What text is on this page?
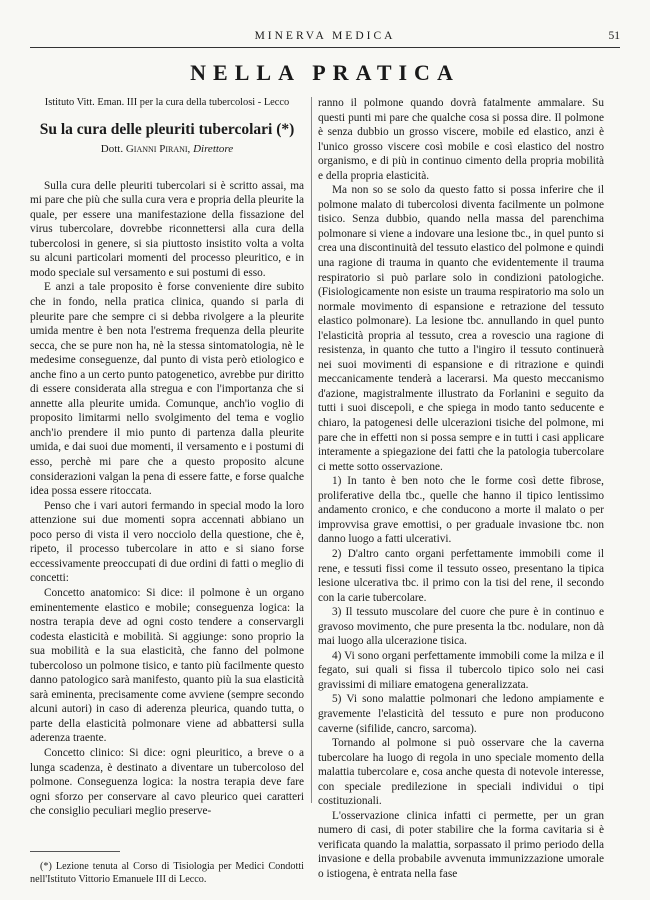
MINERVA MEDICA	51
NELLA PRATICA
Istituto Vitt. Eman. III per la cura della tubercolosi - Lecco
Su la cura delle pleuriti tubercolari (*)
Dott. Gianni Pirani, Direttore

Sulla cura delle pleuriti tubercolari si è scritto assai, ma mi pare che più che sulla cura vera e propria della pleurite la quale, per essere una manifestazione della fissazione del virus tubercolare, dovrebbe riconnettersi alla cura della tubercolosi in genere, si sia piuttosto insistito volta a volta su alcuni particolari momenti del processo pleuritico, e in modo speciale sul versamento e sui postumi di esso.

E anzi a tale proposito è forse conveniente dire subito che in fondo, nella pratica clinica, quando si parla di pleurite pare che sempre ci si debba rivolgere a la pleurite umida mentre è ben nota l'estrema frequenza della pleurite secca, che se pure non ha, nè la stessa sintomatologia, nè le medesime conseguenze, dal punto di vista però etiologico e anche fino a un certo punto patogenetico, avrebbe pur diritto di essere considerata alla stregua e con l'importanza che si annette alla pleurite umida. Comunque, anch'io voglio di proposito limitarmi nello svolgimento del tema e voglio anch'io prendere il mio punto di partenza dalla pleurite umida, e dai suoi due momenti, il versamento e i postumi di esso, perchè mi pare che a questo proposito alcune considerazioni valgan la pena di essere fatte, e forse qualche idea possa essere ritoccata.

Penso che i vari autori fermando in special modo la loro attenzione sui due momenti sopra accennati abbiano un poco perso di vista il vero nocciolo della questione, che è, ripeto, il processo tubercolare in atto e si siano forse eccessivamente preoccupati di due ordini di fatti o meglio di concetti:

Concetto anatomico: Si dice: il polmone è un organo eminentemente elastico e mobile; conseguenza logica: la nostra terapia deve ad ogni costo tendere a conservargli codesta elasticità e mobilità. Si aggiunge: sono proprio la sua mobilità e la sua elasticità, che fanno del polmone tubercoloso un polmone tisico, e tanto più facilmente questo danno patologico sarà manifesto, quanto più la sua elasticità sarà eminenta, precisamente come avviene (sempre secondo alcuni autori) in caso di aderenza pleurica, quando tutta, o parte della elasticità polmonare viene ad abbattersi sulla aderenza traente.

Concetto clinico: Si dice: ogni pleuritico, a breve o a lunga scadenza, è destinato a diventare un tubercoloso del polmone. Conseguenza logica: la nostra terapia deve fare ogni sforzo per conservare al cavo pleurico quei caratteri che consiglio peculiari meglio preserve-

(*) Lezione tenuta al Corso di Tisiologia per Medici Condotti nell'Istituto Vittorio Emanuele III di Lecco.

ranno il polmone quando dovrà fatalmente ammalare. Su questi punti mi pare che qualche cosa si possa dire. Il polmone è senza dubbio un grosso viscere, mobile ed elastico, anzi è l'unico grosso viscere così mobile e così elastico del nostro organismo, e di più in continuo cimento della propria mobilità e della propria elasticità.

Ma non so se solo da questo fatto si possa inferire che il polmone malato di tubercolosi diventa facilmente un polmone tisico. Senza dubbio, quando nella massa del parenchima polmonare si viene a indovare una lesione tbc., in quel punto si crea una discontinuità del tessuto elastico del polmone e quindi una ragione di trauma in quanto che evidentemente il trauma respiratorio si può parlare solo in condizioni patologiche. (Fisiologicamente non esiste un trauma respiratorio ma solo un normale movimento di espansione e retrazione del tessuto elastico polmonare). La lesione tbc. annullando in quel punto l'elasticità propria al tessuto, crea a rovescio una ragione di resistenza, in quanto che tutto a l'ingiro il tessuto continuerà nei suoi movimenti di espansione e di ritrazione e quindi meccanicamente tenderà a lacerarsi. Ma questo meccanismo d'azione, magistralmente illustrato da Forlanini e seguito da tutti i suoi discepoli, e che spiega in modo tanto seducente e chiaro, la patogenesi delle ulcerazioni tisiche del polmone, mi pare che in effetti non si possa sempre e in tutti i casi applicare interamente a spiegazione dei fatti che la patologia tubercolare ci mette sotto osservazione.

1) In tanto è ben noto che le forme così dette fibrose, proliferative della tbc., quelle che hanno il tipico lentissimo andamento cronico, e che conducono a morte il malato o per improvvisa grave emottisi, o per graduale invasione tbc. non danno luogo a fatti ulcerativi.

2) D'altro canto organi perfettamente immobili come il rene, e tessuti fissi come il tessuto osseo, presentano la tipica lesione ulcerativa tbc. il primo con la tisi del rene, il secondo con la carie tubercolare.

3) Il tessuto muscolare del cuore che pure è in continuo e gravoso movimento, che pure presenta la tbc. nodulare, non dà mai luogo alla ulcerazione tisica.

4) Vi sono organi perfettamente immobili come la milza e il fegato, sui quali si fissa il tubercolo tipico solo nei casi gravissimi di miliare ematogena generalizzata.

5) Vi sono malattie polmonari che ledono ampiamente e gravemente l'elasticità del tessuto e pure non producono caverne (sifilide, cancro, sarcoma).

Tornando al polmone si può osservare che la caverna tubercolare ha luogo di regola in uno speciale momento della malattia tubercolare e, cosa anche questa di notevole interesse, con speciale predilezione in speciali individui o tipi costituzionali.

L'osservazione clinica infatti ci permette, per un gran numero di casi, di poter stabilire che la forma cavitaria si è verificata quando la malattia, sorpassato il primo periodo della invasione e della probabile avvenuta immunizzazione umorale o istiogena, è entrata nella fase
